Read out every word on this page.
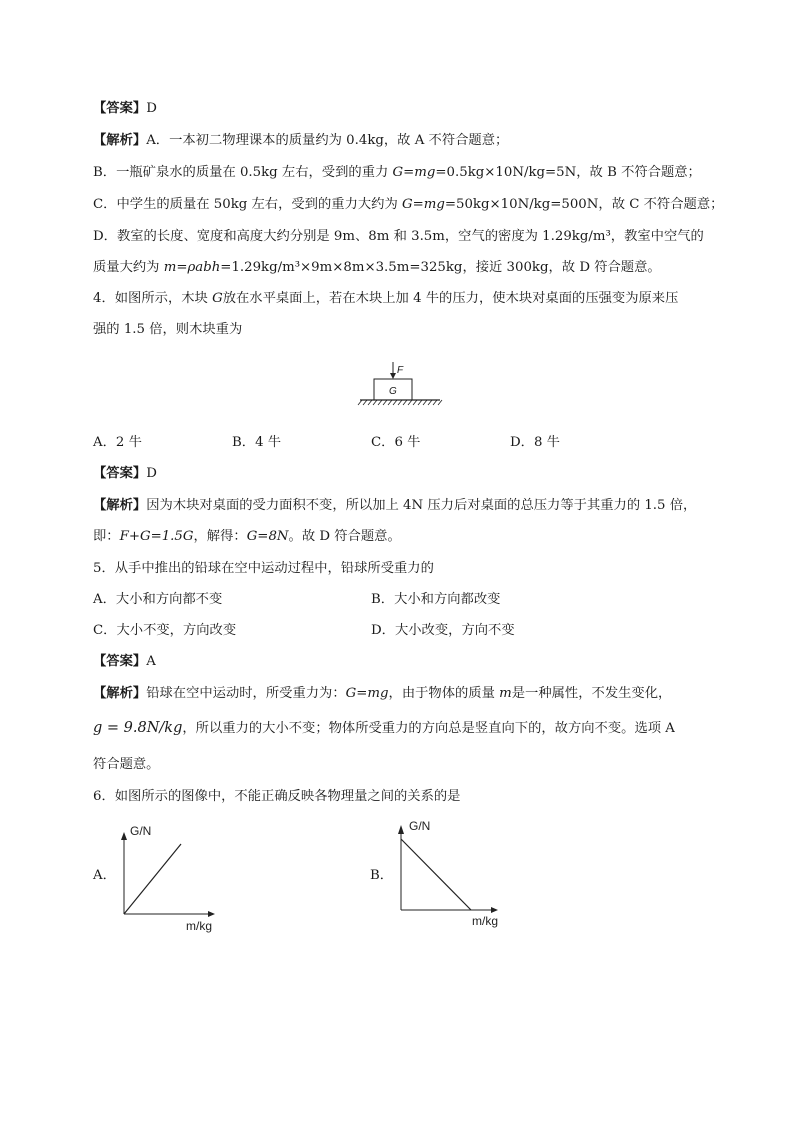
【答案】D
【解析】A．一本初二物理课本的质量约为 0.4kg，故 A 不符合题意；
B．一瓶矿泉水的质量在 0.5kg 左右，受到的重力 G=mg=0.5kg×10N/kg=5N，故 B 不符合题意；
C．中学生的质量在 50kg 左右，受到的重力大约为 G=mg=50kg×10N/kg=500N，故 C 不符合题意；
D．教室的长度、宽度和高度大约分别是 9m、8m 和 3.5m，空气的密度为 1.29kg/m³，教室中空气的
质量大约为 m=ρabh=1.29kg/m³×9m×8m×3.5m=325kg，接近 300kg，故 D 符合题意。
4．如图所示，木块 G放在水平桌面上，若在木块上加 4 牛的压力，使木块对桌面的压强变为原来压
强的 1.5 倍，则木块重为
F
G
A．2 牛	B．4 牛	C．6 牛	D．8 牛
【答案】D
【解析】因为木块对桌面的受力面积不变，所以加上 4N 压力后对桌面的总压力等于其重力的 1.5 倍，
即：F+G=1.5G，解得：G=8N。故 D 符合题意。
5．从手中推出的铅球在空中运动过程中，铅球所受重力的
A．大小和方向都不变	B．大小和方向都改变
C．大小不变，方向改变	D．大小改变，方向不变
【答案】A
【解析】铅球在空中运动时，所受重力为：G=mg，由于物体的质量 m是一种属性，不发生变化，
g = 9.8N/kg，所以重力的大小不变；物体所受重力的方向总是竖直向下的，故方向不变。选项 A
符合题意。
6．如图所示的图像中，不能正确反映各物理量之间的关系的是
A．
G/N
m/kg
B．
G/N
m/kg
